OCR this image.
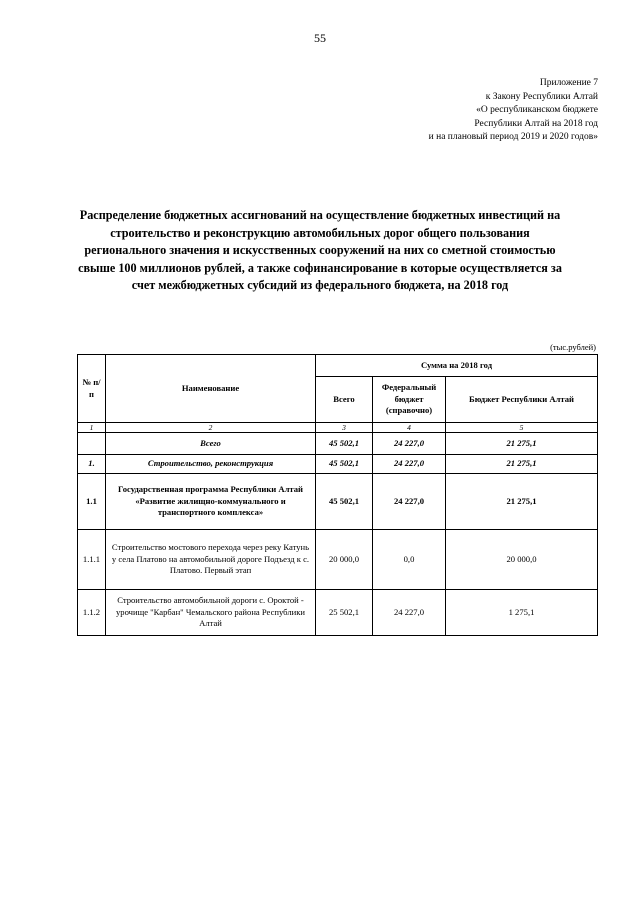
55
Приложение 7
к Закону Республики Алтай
«О республиканском бюджете
Республики Алтай на 2018 год
и на плановый период 2019 и 2020 годов»
Распределение бюджетных ассигнований на осуществление бюджетных инвестиций на строительство и реконструкцию автомобильных дорог общего пользования регионального значения и искусственных сооружений на них со сметной стоимостью свыше 100 миллионов рублей, а также софинансирование в которые осуществляется за счет межбюджетных субсидий из федерального бюджета, на 2018 год
(тыс.рублей)
№ п/п	Наименование	Сумма на 2018 год		
		Всего	Федеральный бюджет (справочно)	Бюджет Республики Алтай
1	2	3	4	5
	Всего	45 502,1	24 227,0	21 275,1
1.	Строительство, реконструкция	45 502,1	24 227,0	21 275,1
1.1	Государственная программа Республики Алтай «Развитие жилищно-коммунального и транспортного комплекса»	45 502,1	24 227,0	21 275,1
1.1.1	Строительство мостового перехода через реку Катунь у села Платово на автомобильной дороге Подъезд к с. Платово. Первый этап	20 000,0	0,0	20 000,0
1.1.2	Строительство автомобильной дороги с. Ороктой - урочище "Карбан" Чемальского района Республики Алтай	25 502,1	24 227,0	1 275,1
